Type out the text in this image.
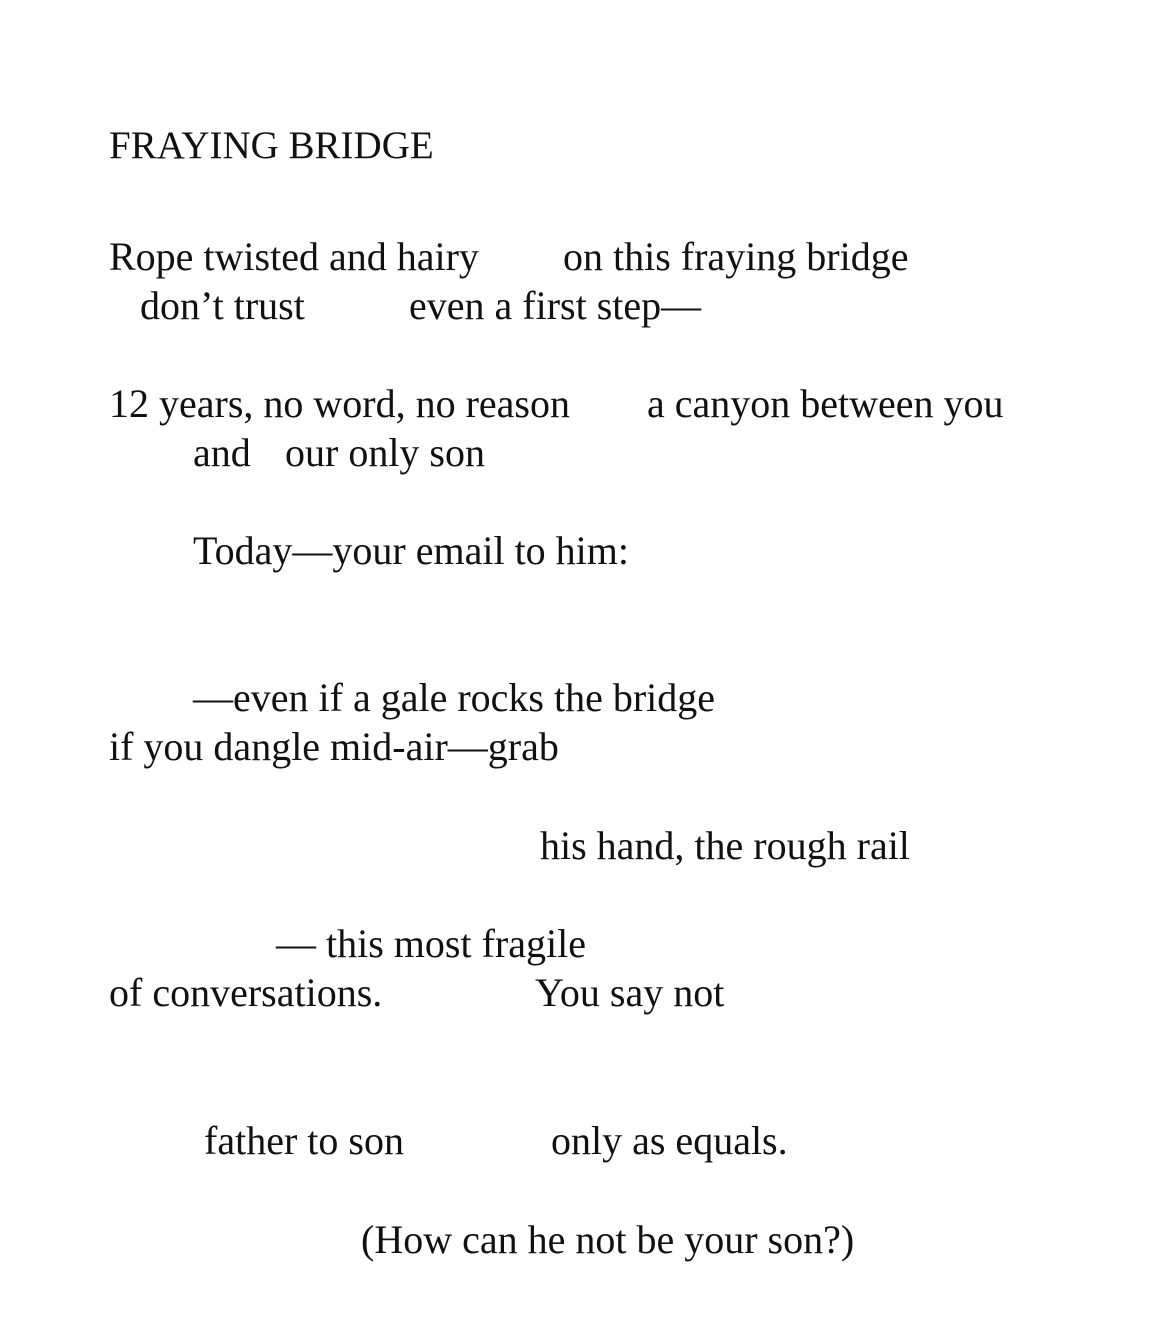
FRAYING BRIDGE
Rope twisted and hairy on this fraying bridge
don’t trust	even a first step—
12 years, no word, no reason a canyon between you
and our only son
Today—your email to him:
—even if a gale rocks the bridge
if you dangle mid-air—grab
his hand, the rough rail
— this most fragile
of conversations.	You say not
father to son	only as equals.
(How can he not be your son?)
